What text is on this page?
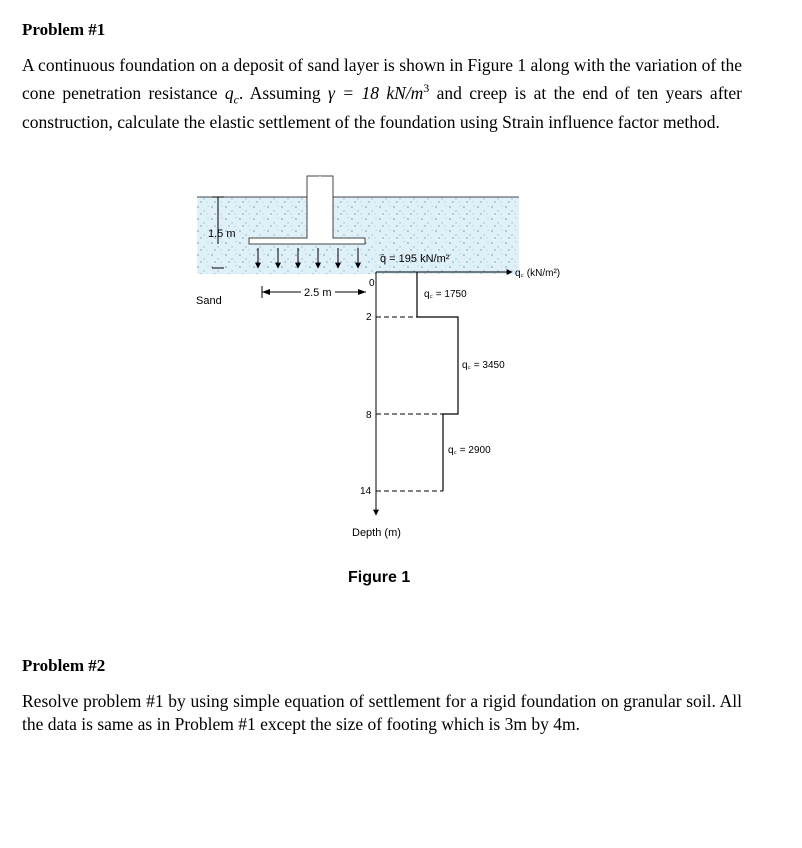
Problem #1
A continuous foundation on a deposit of sand layer is shown in Figure 1 along with the variation of the cone penetration resistance $q_c$. Assuming γ = 18 $kN/m^3$ and creep is at the end of ten years after construction, calculate the elastic settlement of the foundation using Strain influence factor method.
1.5 m
q̄ = 195 kN/m²
Sand
2.5 m
q꜀ (kN/m²)
Depth (m)
0
2
8
14
q꜀ = 1750
q꜀ = 3450
q꜀ = 2900
Figure 1
Problem #2
Resolve problem #1 by using simple equation of settlement for a rigid foundation on granular soil. All the data is same as in Problem #1 except the size of footing which is 3m by 4m.
